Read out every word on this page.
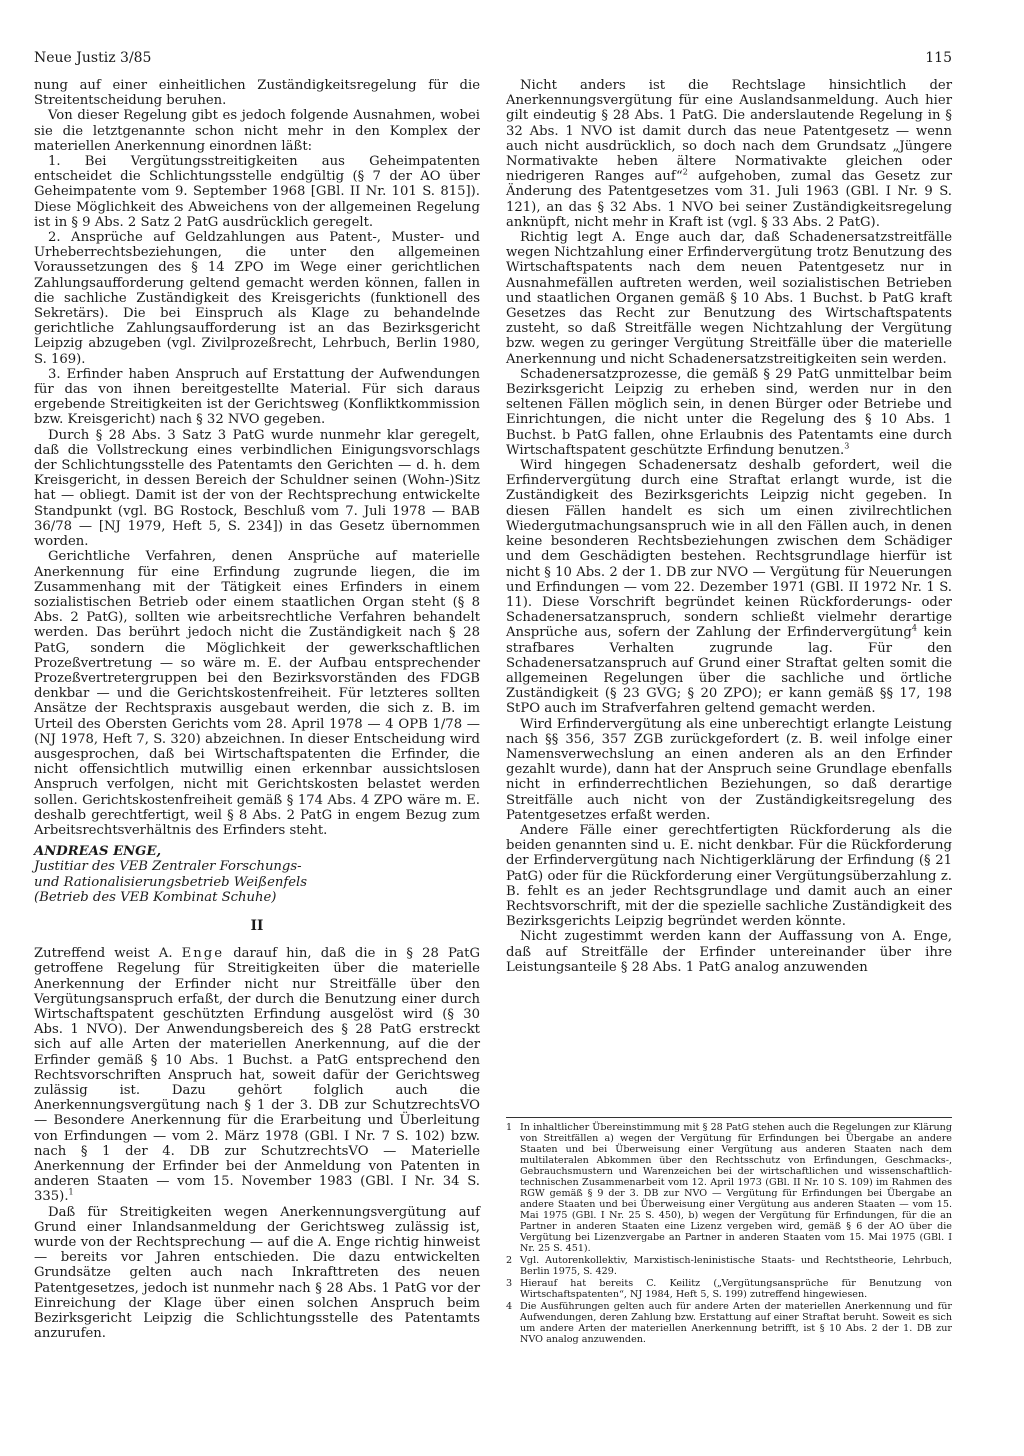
Neue Justiz 3/85	115

nung auf einer einheitlichen Zuständigkeitsregelung für die Streitentscheidung beruhen.

Von dieser Regelung gibt es jedoch folgende Ausnahmen, wobei sie die letztgenannte schon nicht mehr in den Komplex der materiellen Anerkennung einordnen läßt:

1. Bei Vergütungsstreitigkeiten aus Geheimpatenten entscheidet die Schlichtungsstelle endgültig (§ 7 der AO über Geheimpatente vom 9. September 1968 [GBl. II Nr. 101 S. 815]). Diese Möglichkeit des Abweichens von der allgemeinen Regelung ist in § 9 Abs. 2 Satz 2 PatG ausdrücklich geregelt.

2. Ansprüche auf Geldzahlungen aus Patent-, Muster- und Urheberrechtsbeziehungen, die unter den allgemeinen Voraussetzungen des § 14 ZPO im Wege einer gerichtlichen Zahlungsaufforderung geltend gemacht werden können, fallen in die sachliche Zuständigkeit des Kreisgerichts (funktionell des Sekretärs). Die bei Einspruch als Klage zu behandelnde gerichtliche Zahlungsaufforderung ist an das Bezirksgericht Leipzig abzugeben (vgl. Zivilprozeßrecht, Lehrbuch, Berlin 1980, S. 169).

3. Erfinder haben Anspruch auf Erstattung der Aufwendungen für das von ihnen bereitgestellte Material. Für sich daraus ergebende Streitigkeiten ist der Gerichtsweg (Konfliktkommission bzw. Kreisgericht) nach § 32 NVO gegeben.

Durch § 28 Abs. 3 Satz 3 PatG wurde nunmehr klar geregelt, daß die Vollstreckung eines verbindlichen Einigungsvorschlags der Schlichtungsstelle des Patentamts den Gerichten — d. h. dem Kreisgericht, in dessen Bereich der Schuldner seinen (Wohn-)Sitz hat — obliegt. Damit ist der von der Rechtsprechung entwickelte Standpunkt (vgl. BG Rostock, Beschluß vom 7. Juli 1978 — BAB 36/78 — [NJ 1979, Heft 5, S. 234]) in das Gesetz übernommen worden.

Gerichtliche Verfahren, denen Ansprüche auf materielle Anerkennung für eine Erfindung zugrunde liegen, die im Zusammenhang mit der Tätigkeit eines Erfinders in einem sozialistischen Betrieb oder einem staatlichen Organ steht (§ 8 Abs. 2 PatG), sollten wie arbeitsrechtliche Verfahren behandelt werden. Das berührt jedoch nicht die Zuständigkeit nach § 28 PatG, sondern die Möglichkeit der gewerkschaftlichen Prozeßvertretung — so wäre m. E. der Aufbau entsprechender Prozeßvertretergruppen bei den Bezirksvorständen des FDGB denkbar — und die Gerichtskostenfreiheit. Für letzteres sollten Ansätze der Rechtspraxis ausgebaut werden, die sich z. B. im Urteil des Obersten Gerichts vom 28. April 1978 — 4 OPB 1/78 — (NJ 1978, Heft 7, S. 320) abzeichnen. In dieser Entscheidung wird ausgesprochen, daß bei Wirtschaftspatenten die Erfinder, die nicht offensichtlich mutwillig einen erkennbar aussichtslosen Anspruch verfolgen, nicht mit Gerichtskosten belastet werden sollen. Gerichtskostenfreiheit gemäß § 174 Abs. 4 ZPO wäre m. E. deshalb gerechtfertigt, weil § 8 Abs. 2 PatG in engem Bezug zum Arbeitsrechtsverhältnis des Erfinders steht.

ANDREAS ENGE,
Justitiar des VEB Zentraler Forschungs-
und Rationalisierungsbetrieb Weißenfels
(Betrieb des VEB Kombinat Schuhe)
II

Zutreffend weist A. Enge darauf hin, daß die in § 28 PatG getroffene Regelung für Streitigkeiten über die materielle Anerkennung der Erfinder nicht nur Streitfälle über den Vergütungsanspruch erfaßt, der durch die Benutzung einer durch Wirtschaftspatent geschützten Erfindung ausgelöst wird (§ 30 Abs. 1 NVO). Der Anwendungsbereich des § 28 PatG erstreckt sich auf alle Arten der materiellen Anerkennung, auf die der Erfinder gemäß § 10 Abs. 1 Buchst. a PatG entsprechend den Rechtsvorschriften Anspruch hat, soweit dafür der Gerichtsweg zulässig ist. Dazu gehört folglich auch die Anerkennungsvergütung nach § 1 der 3. DB zur SchutzrechtsVO — Besondere Anerkennung für die Erarbeitung und Überleitung von Erfindungen — vom 2. März 1978 (GBl. I Nr. 7 S. 102) bzw. nach § 1 der 4. DB zur SchutzrechtsVO — Materielle Anerkennung der Erfinder bei der Anmeldung von Patenten in anderen Staaten — vom 15. November 1983 (GBl. I Nr. 34 S. 335).$^1$

Daß für Streitigkeiten wegen Anerkennungsvergütung auf Grund einer Inlandsanmeldung der Gerichtsweg zulässig ist, wurde von der Rechtsprechung — auf die A. Enge richtig hinweist — bereits vor Jahren entschieden. Die dazu entwickelten Grundsätze gelten auch nach Inkrafttreten des neuen Patentgesetzes, jedoch ist nunmehr nach § 28 Abs. 1 PatG vor der Einreichung der Klage über einen solchen Anspruch beim Bezirksgericht Leipzig die Schlichtungsstelle des Patentamts anzurufen.

Nicht anders ist die Rechtslage hinsichtlich der Anerkennungsvergütung für eine Auslandsanmeldung. Auch hier gilt eindeutig § 28 Abs. 1 PatG. Die anderslautende Regelung in § 32 Abs. 1 NVO ist damit durch das neue Patentgesetz — wenn auch nicht ausdrücklich, so doch nach dem Grundsatz „Jüngere Normativakte heben ältere Normativakte gleichen oder niedrigeren Ranges auf“$^2$ aufgehoben, zumal das Gesetz zur Änderung des Patentgesetzes vom 31. Juli 1963 (GBl. I Nr. 9 S. 121), an das § 32 Abs. 1 NVO bei seiner Zuständigkeitsregelung anknüpft, nicht mehr in Kraft ist (vgl. § 33 Abs. 2 PatG).

Richtig legt A. Enge auch dar, daß Schadenersatzstreitfälle wegen Nichtzahlung einer Erfindervergütung trotz Benutzung des Wirtschaftspatents nach dem neuen Patentgesetz nur in Ausnahmefällen auftreten werden, weil sozialistischen Betrieben und staatlichen Organen gemäß § 10 Abs. 1 Buchst. b PatG kraft Gesetzes das Recht zur Benutzung des Wirtschaftspatents zusteht, so daß Streitfälle wegen Nichtzahlung der Vergütung bzw. wegen zu geringer Vergütung Streitfälle über die materielle Anerkennung und nicht Schadenersatzstreitigkeiten sein werden.

Schadenersatzprozesse, die gemäß § 29 PatG unmittelbar beim Bezirksgericht Leipzig zu erheben sind, werden nur in den seltenen Fällen möglich sein, in denen Bürger oder Betriebe und Einrichtungen, die nicht unter die Regelung des § 10 Abs. 1 Buchst. b PatG fallen, ohne Erlaubnis des Patentamts eine durch Wirtschaftspatent geschützte Erfindung benutzen.$^3$

Wird hingegen Schadenersatz deshalb gefordert, weil die Erfindervergütung durch eine Straftat erlangt wurde, ist die Zuständigkeit des Bezirksgerichts Leipzig nicht gegeben. In diesen Fällen handelt es sich um einen zivilrechtlichen Wiedergutmachungsanspruch wie in all den Fällen auch, in denen keine besonderen Rechtsbeziehungen zwischen dem Schädiger und dem Geschädigten bestehen. Rechtsgrundlage hierfür ist nicht § 10 Abs. 2 der 1. DB zur NVO — Vergütung für Neuerungen und Erfindungen — vom 22. Dezember 1971 (GBl. II 1972 Nr. 1 S. 11). Diese Vorschrift begründet keinen Rückforderungs- oder Schadenersatzanspruch, sondern schließt vielmehr derartige Ansprüche aus, sofern der Zahlung der Erfindervergütung$^4$ kein strafbares Verhalten zugrunde lag. Für den Schadenersatzanspruch auf Grund einer Straftat gelten somit die allgemeinen Regelungen über die sachliche und örtliche Zuständigkeit (§ 23 GVG; § 20 ZPO); er kann gemäß §§ 17, 198 StPO auch im Strafverfahren geltend gemacht werden.

Wird Erfindervergütung als eine unberechtigt erlangte Leistung nach §§ 356, 357 ZGB zurückgefordert (z. B. weil infolge einer Namensverwechslung an einen anderen als an den Erfinder gezahlt wurde), dann hat der Anspruch seine Grundlage ebenfalls nicht in erfinderrechtlichen Beziehungen, so daß derartige Streitfälle auch nicht von der Zuständigkeitsregelung des Patentgesetzes erfaßt werden.

Andere Fälle einer gerechtfertigten Rückforderung als die beiden genannten sind u. E. nicht denkbar. Für die Rückforderung der Erfindervergütung nach Nichtigerklärung der Erfindung (§ 21 PatG) oder für die Rückforderung einer Vergütungsüberzahlung z. B. fehlt es an jeder Rechtsgrundlage und damit auch an einer Rechtsvorschrift, mit der die spezielle sachliche Zuständigkeit des Bezirksgerichts Leipzig begründet werden könnte.

Nicht zugestimmt werden kann der Auffassung von A. Enge, daß auf Streitfälle der Erfinder untereinander über ihre Leistungsanteile § 28 Abs. 1 PatG analog anzuwenden

1 In inhaltlicher Übereinstimmung mit § 28 PatG stehen auch die Regelungen zur Klärung von Streitfällen a) wegen der Vergütung für Erfindungen bei Übergabe an andere Staaten und bei Überweisung einer Vergütung aus anderen Staaten nach dem multilateralen Abkommen über den Rechtsschutz von Erfindungen, Geschmacks-, Gebrauchsmustern und Warenzeichen bei der wirtschaftlichen und wissenschaftlich-technischen Zusammenarbeit vom 12. April 1973 (GBl. II Nr. 10 S. 109) im Rahmen des RGW gemäß § 9 der 3. DB zur NVO — Vergütung für Erfindungen bei Übergabe an andere Staaten und bei Überweisung einer Vergütung aus anderen Staaten — vom 15. Mai 1975 (GBl. I Nr. 25 S. 450), b) wegen der Vergütung für Erfindungen, für die an Partner in anderen Staaten eine Lizenz vergeben wird, gemäß § 6 der AO über die Vergütung bei Lizenzvergabe an Partner in anderen Staaten vom 15. Mai 1975 (GBl. I Nr. 25 S. 451).
2 Vgl. Autorenkollektiv, Marxistisch-leninistische Staats- und Rechtstheorie, Lehrbuch, Berlin 1975, S. 429.
3 Hierauf hat bereits C. Keilitz („Vergütungsansprüche für Benutzung von Wirtschaftspatenten“, NJ 1984, Heft 5, S. 199) zutreffend hingewiesen.
4 Die Ausführungen gelten auch für andere Arten der materiellen Anerkennung und für Aufwendungen, deren Zahlung bzw. Erstattung auf einer Straftat beruht. Soweit es sich um andere Arten der materiellen Anerkennung betrifft, ist § 10 Abs. 2 der 1. DB zur NVO analog anzuwenden.
